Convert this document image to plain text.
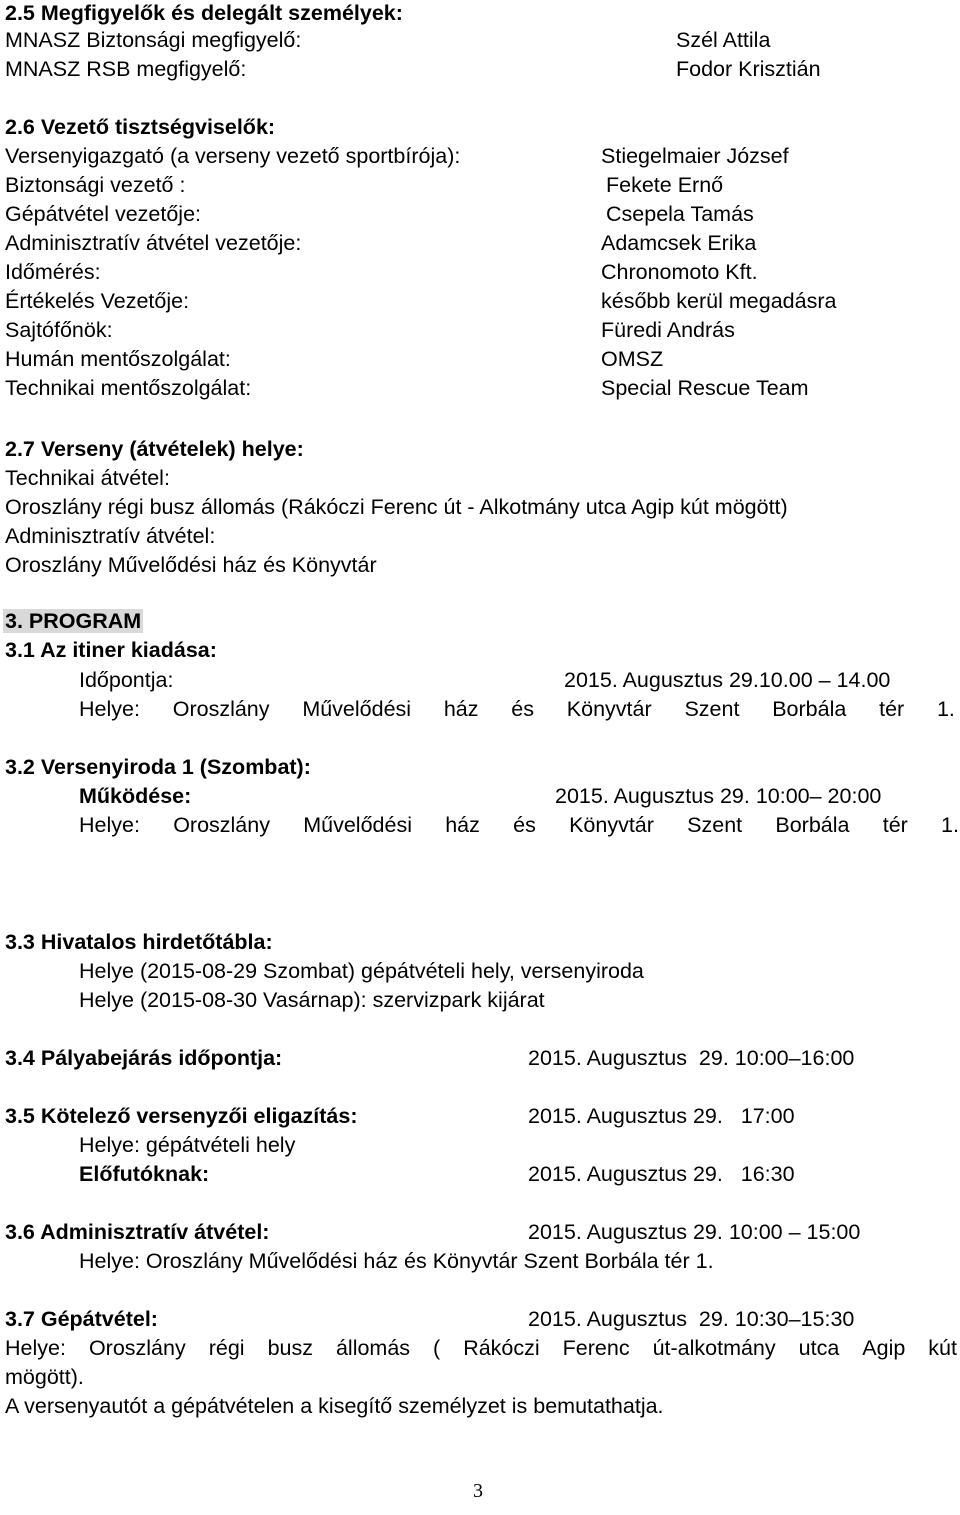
2.5 Megfigyelők és delegált személyek:
MNASZ Biztonsági megfigyelő:	Szél Attila
MNASZ RSB megfigyelő:	Fodor Krisztián
2.6 Vezető tisztségviselők:
Versenyigazgató (a verseny vezető sportbírója):	Stiegelmaier József
Biztonsági vezető :	Fekete Ernő
Gépátvétel vezetője:	Csepela Tamás
Adminisztratív átvétel vezetője:	Adamcsek Erika
Időmérés:	Chronomoto Kft.
Értékelés Vezetője:	később kerül megadásra
Sajtófőnök:	Füredi András
Humán mentőszolgálat:	OMSZ
Technikai mentőszolgálat:	Special Rescue Team
2.7 Verseny (átvételek) helye:
Technikai átvétel:
Oroszlány régi busz állomás (Rákóczi Ferenc út - Alkotmány utca Agip kút mögött)
Adminisztratív átvétel:
Oroszlány Művelődési ház és Könyvtár
3. PROGRAM
3.1 Az itiner kiadása:
Időpontja:	2015. Augusztus 29.10.00 – 14.00
Helye: Oroszlány Művelődési ház és Könyvtár Szent Borbála tér 1.
3.2 Versenyiroda 1 (Szombat):
Működése:	2015. Augusztus 29. 10:00– 20:00
Helye: Oroszlány Művelődési ház és Könyvtár Szent Borbála tér 1.
3.3 Hivatalos hirdetőtábla:
Helye (2015-08-29 Szombat) gépátvételi hely, versenyiroda
Helye (2015-08-30 Vasárnap): szervizpark kijárat
3.4 Pályabejárás időpontja:	2015. Augusztus  29. 10:00–16:00
3.5 Kötelező versenyzői eligazítás:	2015. Augusztus 29.   17:00
Helye: gépátvételi hely
Előfutóknak:	2015. Augusztus 29.   16:30
3.6 Adminisztratív átvétel:	2015. Augusztus 29. 10:00 – 15:00
Helye: Oroszlány Művelődési ház és Könyvtár Szent Borbála tér 1.
3.7 Gépátvétel:	2015. Augusztus  29. 10:30–15:30
Helye: Oroszlány régi busz állomás ( Rákóczi Ferenc út-alkotmány utca Agip kút
mögött).
A versenyautót a gépátvételen a kisegítő személyzet is bemutathatja.
3
